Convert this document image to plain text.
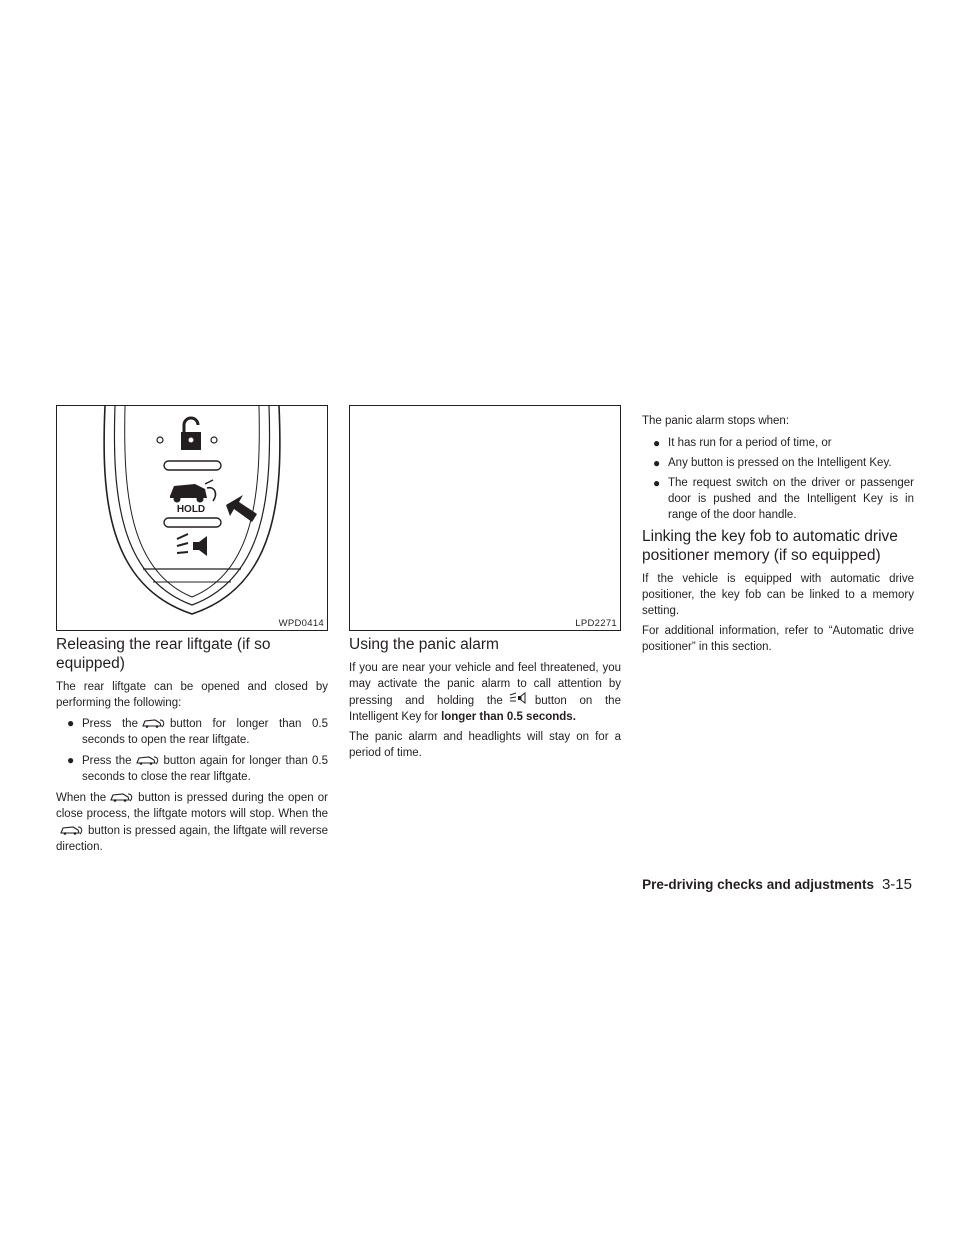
HOLD
WPD0414
Releasing the rear liftgate (if so equipped)

The rear liftgate can be opened and closed by performing the following:

● Press the	button for longer than 0.5 seconds to open the rear liftgate.
● Press the	button again for longer than 0.5 seconds to close the rear liftgate.

When the	button is pressed during the open or close process, the liftgate motors will stop. When thebutton is pressed again, the liftgate will reverse direction.

LPD2271
Using the panic alarm

If you are near your vehicle and feel threatened, you may activate the panic alarm to call attention by pressing and holding the	button on the Intelligent Key for longer than 0.5 seconds.

The panic alarm and headlights will stay on for a period of time.

The panic alarm stops when:

● It has run for a period of time, or
● Any button is pressed on the Intelligent Key.
● The request switch on the driver or passenger door is pushed and the Intelligent Key is in range of the door handle.
Linking the key fob to automatic drive positioner memory (if so equipped)

If the vehicle is equipped with automatic drive positioner, the key fob can be linked to a memory setting.

For additional information, refer to “Automatic drive positioner” in this section.

Pre-driving checks and adjustments 3-15
